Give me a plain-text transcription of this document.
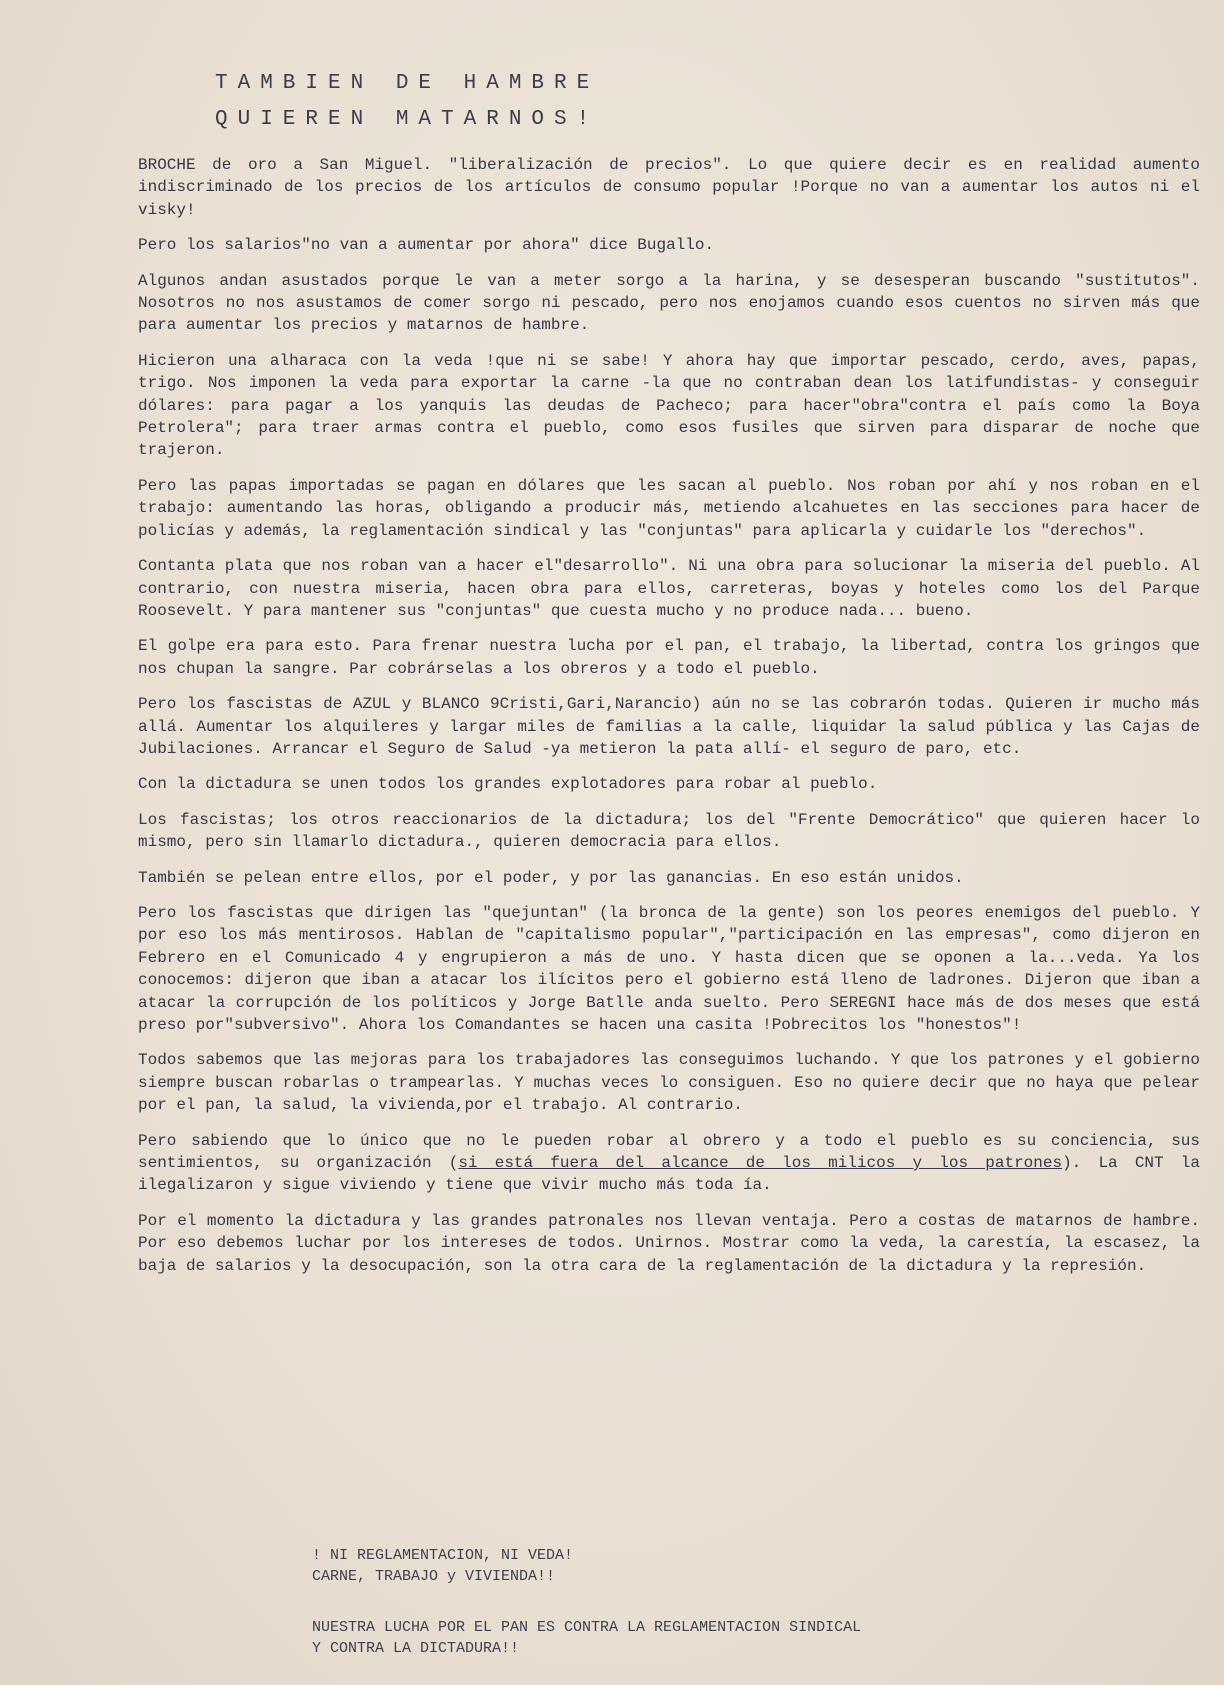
TAMBIEN DE HAMBRE
QUIEREN MATARNOS!

BROCHE de oro a San Miguel. "liberalización de precios". Lo que quiere decir es en realidad aumento indiscriminado de los precios de los artículos de consumo popular !Porque no van a aumentar los autos ni el visky!

Pero los salarios"no van a aumentar por ahora" dice Bugallo.

Algunos andan asustados porque le van a meter sorgo a la harina, y se desesperan buscando "sustitutos". Nosotros no nos asustamos de comer sorgo ni pescado, pero nos enojamos cuando esos cuentos no sirven más que para aumentar los precios y matarnos de hambre.

Hicieron una alharaca con la veda !que ni se sabe! Y ahora hay que importar pescado, cerdo, aves, papas, trigo. Nos imponen la veda para exportar la carne -la que no contraban dean los latifundistas- y conseguir dólares: para pagar a los yanquis las deudas de Pacheco; para hacer"obra"contra el país como la Boya Petrolera"; para traer armas contra el pueblo, como esos fusiles que sirven para disparar de noche que trajeron.

Pero las papas importadas se pagan en dólares que les sacan al pueblo. Nos roban por ahí y nos roban en el trabajo: aumentando las horas, obligando a producir más, metiendo alcahuetes en las secciones para hacer de policías y además, la reglamentación sindical y las "conjuntas" para aplicarla y cuidarle los "derechos".

Contanta plata que nos roban van a hacer el"desarrollo". Ni una obra para solucionar la miseria del pueblo. Al contrario, con nuestra miseria, hacen obra para ellos, carreteras, boyas y hoteles como los del Parque Roosevelt. Y para mantener sus "conjuntas" que cuesta mucho y no produce nada... bueno.

El golpe era para esto. Para frenar nuestra lucha por el pan, el trabajo, la libertad, contra los gringos que nos chupan la sangre. Par cobrárselas a los obreros y a todo el pueblo.

Pero los fascistas de AZUL y BLANCO 9Cristi,Gari,Narancio) aún no se las cobrarón todas. Quieren ir mucho más allá. Aumentar los alquileres y largar miles de familias a la calle, liquidar la salud pública y las Cajas de Jubilaciones. Arrancar el Seguro de Salud -ya metieron la pata allí- el seguro de paro, etc.

Con la dictadura se unen todos los grandes explotadores para robar al pueblo.

Los fascistas; los otros reaccionarios de la dictadura; los del "Frente Democrático" que quieren hacer lo mismo, pero sin llamarlo dictadura., quieren democracia para ellos.

También se pelean entre ellos, por el poder, y por las ganancias. En eso están unidos.

Pero los fascistas que dirigen las "quejuntan" (la bronca de la gente) son los peores enemigos del pueblo. Y por eso los más mentirosos. Hablan de "capitalismo popular","participación en las empresas", como dijeron en Febrero en el Comunicado 4 y engrupieron a más de uno. Y hasta dicen que se oponen a la...veda. Ya los conocemos: dijeron que iban a atacar los ilícitos pero el gobierno está lleno de ladrones. Dijeron que iban a atacar la corrupción de los políticos y Jorge Batlle anda suelto. Pero SEREGNI hace más de dos meses que está preso por"subversivo". Ahora los Comandantes se hacen una casita !Pobrecitos los "honestos"!

Todos sabemos que las mejoras para los trabajadores las conseguimos luchando. Y que los patrones y el gobierno siempre buscan robarlas o trampearlas. Y muchas veces lo consiguen. Eso no quiere decir que no haya que pelear por el pan, la salud, la vivienda,por el trabajo. Al contrario.

Pero sabiendo que lo único que no le pueden robar al obrero y a todo el pueblo es su conciencia, sus sentimientos, su organización (si está fuera del alcance de los milicos y los patrones). La CNT la ilegalizaron y sigue viviendo y tiene que vivir mucho más toda ía.

Por el momento la dictadura y las grandes patronales nos llevan ventaja. Pero a costas de matarnos de hambre. Por eso debemos luchar por los intereses de todos. Unirnos. Mostrar como la veda, la carestía, la escasez, la baja de salarios y la desocupación, son la otra cara de la reglamentación de la dictadura y la represión.

! NI REGLAMENTACION, NI VEDA!
CARNE, TRABAJO y VIVIENDA!!
NUESTRA LUCHA POR EL PAN ES CONTRA LA REGLAMENTACION SINDICAL
Y CONTRA LA DICTADURA!!
